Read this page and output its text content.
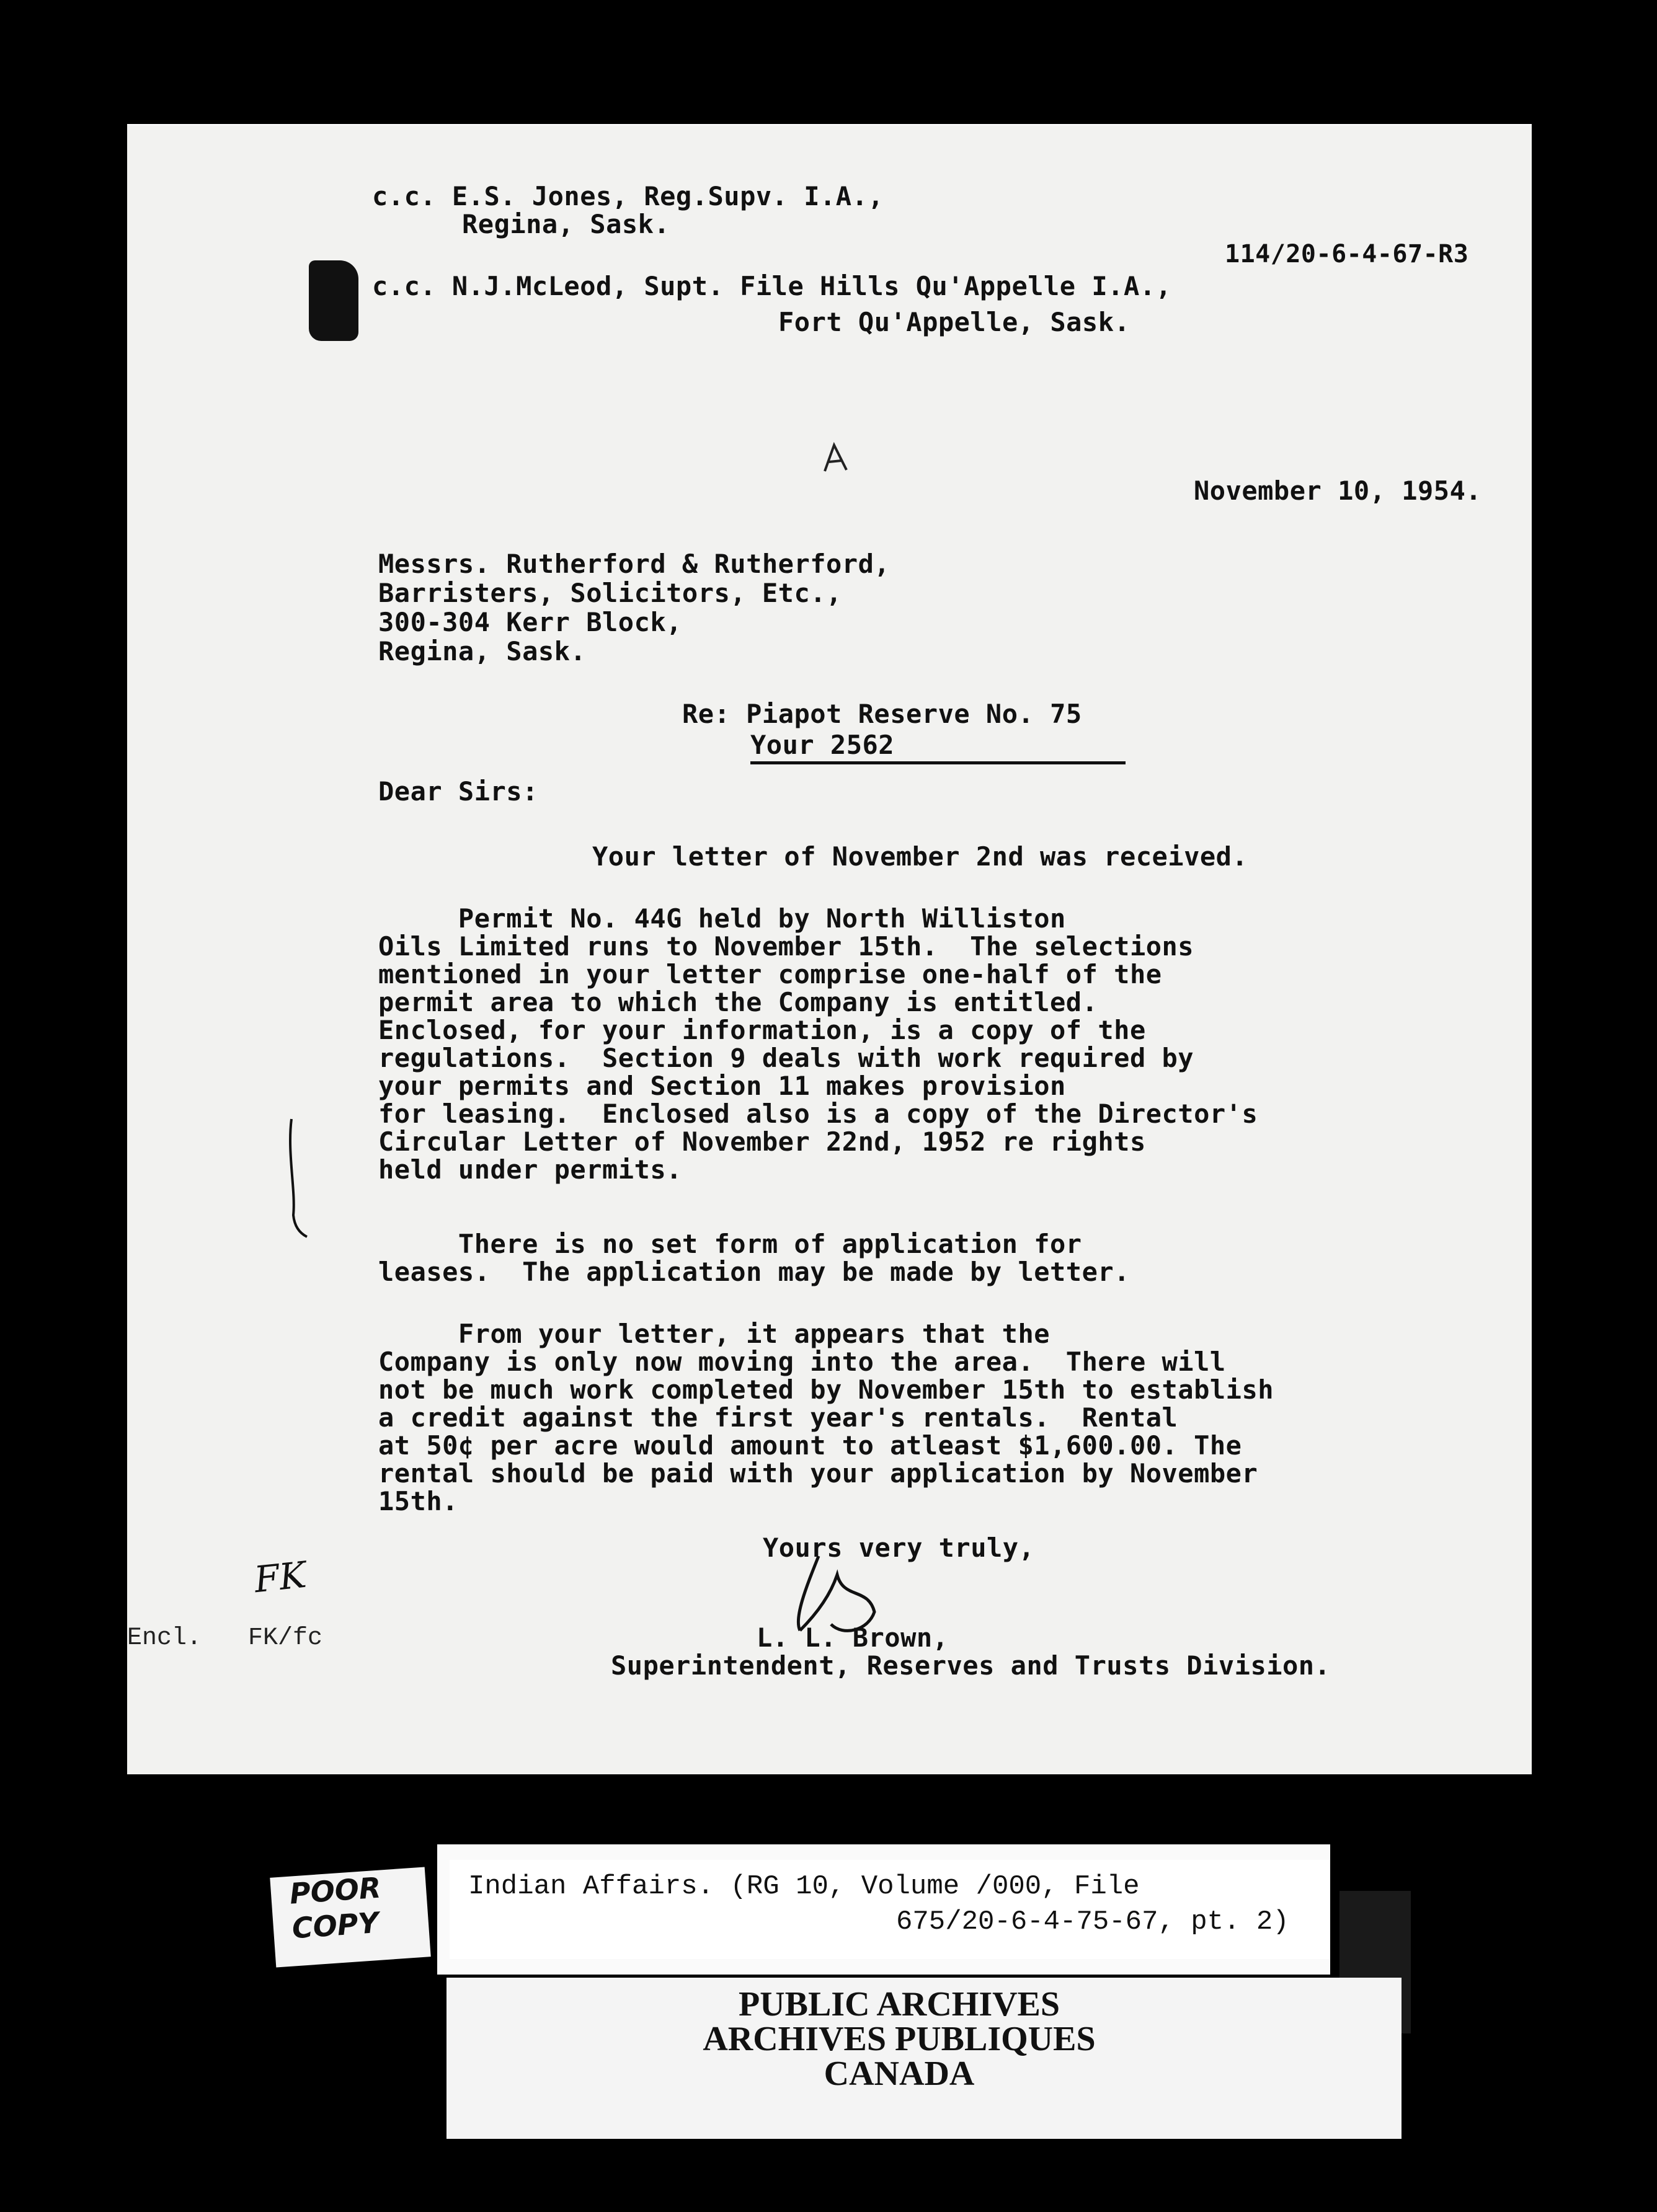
c.c. E.S. Jones, Reg.Supv. I.A.,
Regina, Sask.
114/20-6-4-67-R3
c.c. N.J.McLeod, Supt. File Hills Qu'Appelle I.A.,
Fort Qu'Appelle, Sask.
November 10, 1954.
Messrs. Rutherford & Rutherford,
Barristers, Solicitors, Etc.,
300-304 Kerr Block,
Regina, Sask.
Re: Piapot Reserve No. 75
Your 2562
Dear Sirs:
Your letter of November 2nd was received.
Permit No. 44G held by North Williston
Oils Limited runs to November 15th.  The selections
mentioned in your letter comprise one-half of the
permit area to which the Company is entitled.
Enclosed, for your information, is a copy of the
regulations.  Section 9 deals with work required by
your permits and Section 11 makes provision
for leasing.  Enclosed also is a copy of the Director's
Circular Letter of November 22nd, 1952 re rights
held under permits.
There is no set form of application for
leases.  The application may be made by letter.
From your letter, it appears that the
Company is only now moving into the area.  There will
not be much work completed by November 15th to establish
a credit against the first year's rentals.  Rental
at 50¢ per acre would amount to atleast $1,600.00. The
rental should be paid with your application by November
15th.
Yours very truly,
L. L. Brown,
Superintendent, Reserves and Trusts Division.
FK
Encl. FK/fc
Indian Affairs. (RG 10, Volume /000, File
675/20-6-4-75-67, pt. 2)
PUBLIC ARCHIVES
ARCHIVES PUBLIQUES
CANADA
POOR
COPY
